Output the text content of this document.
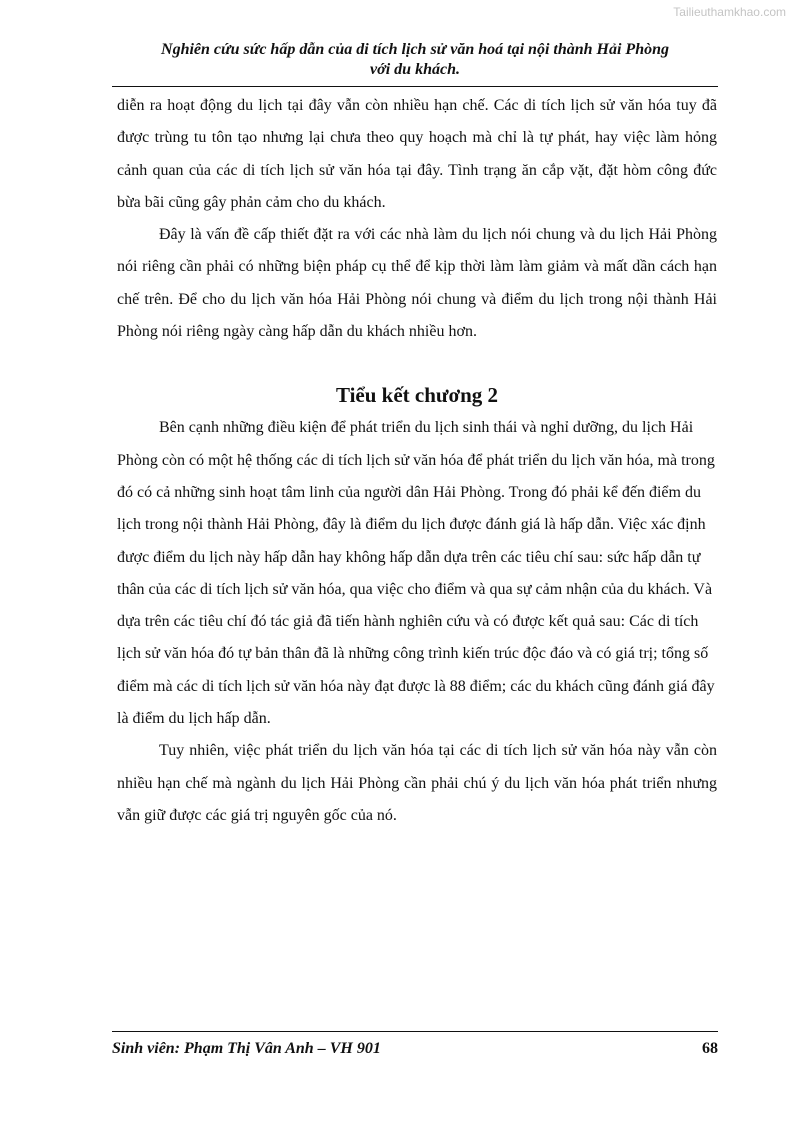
Tailieuthamkhao.com
Nghiên cứu sức hấp dẫn của di tích lịch sử văn hoá tại nội thành Hải Phòng
với du khách.

diễn ra hoạt động du lịch tại đây vẫn còn nhiều hạn chế. Các di tích lịch sử văn hóa tuy đã được trùng tu tôn tạo nhưng lại chưa theo quy hoạch mà chỉ là tự phát, hay việc làm hỏng cảnh quan của các di tích lịch sử văn hóa tại đây. Tình trạng ăn cắp vặt, đặt hòm công đức bừa bãi cũng gây phản cảm cho du khách.

Đây là vấn đề cấp thiết đặt ra với các nhà làm du lịch nói chung và du lịch Hải Phòng nói riêng cần phải có những biện pháp cụ thể để kịp thời làm làm giảm và mất dần cách hạn chế trên. Để cho du lịch văn hóa Hải Phòng nói chung và điểm du lịch trong nội thành Hải Phòng nói riêng ngày càng hấp dẫn du khách nhiều hơn.

Tiểu kết chương 2

Bên cạnh những điều kiện để phát triển du lịch sinh thái và nghỉ dưỡng, du lịch Hải Phòng còn có một hệ thống các di tích lịch sử văn hóa để phát triển du lịch văn hóa, mà trong đó có cả những sinh hoạt tâm linh của người dân Hải Phòng. Trong đó phải kể đến điểm du lịch trong nội thành Hải Phòng, đây là điểm du lịch được đánh giá là hấp dẫn. Việc xác định được điểm du lịch này hấp dẫn hay không hấp dẫn dựa trên các tiêu chí sau: sức hấp dẫn tự thân của các di tích lịch sử văn hóa, qua việc cho điểm và qua sự cảm nhận của du khách. Và dựa trên các tiêu chí đó tác giả đã tiến hành nghiên cứu và có được kết quả sau: Các di tích lịch sử văn hóa đó tự bản thân đã là những công trình kiến trúc độc đáo và có giá trị; tổng số điểm mà các di tích lịch sử văn hóa này đạt được là 88 điểm; các du khách cũng đánh giá đây là điểm du lịch hấp dẫn.

Tuy nhiên, việc phát triển du lịch văn hóa tại các di tích lịch sử văn hóa này vẫn còn nhiều hạn chế mà ngành du lịch Hải Phòng cần phải chú ý du lịch văn hóa phát triển nhưng vẫn giữ được các giá trị nguyên gốc của nó.

Sinh viên: Phạm Thị Vân Anh – VH 901	68
